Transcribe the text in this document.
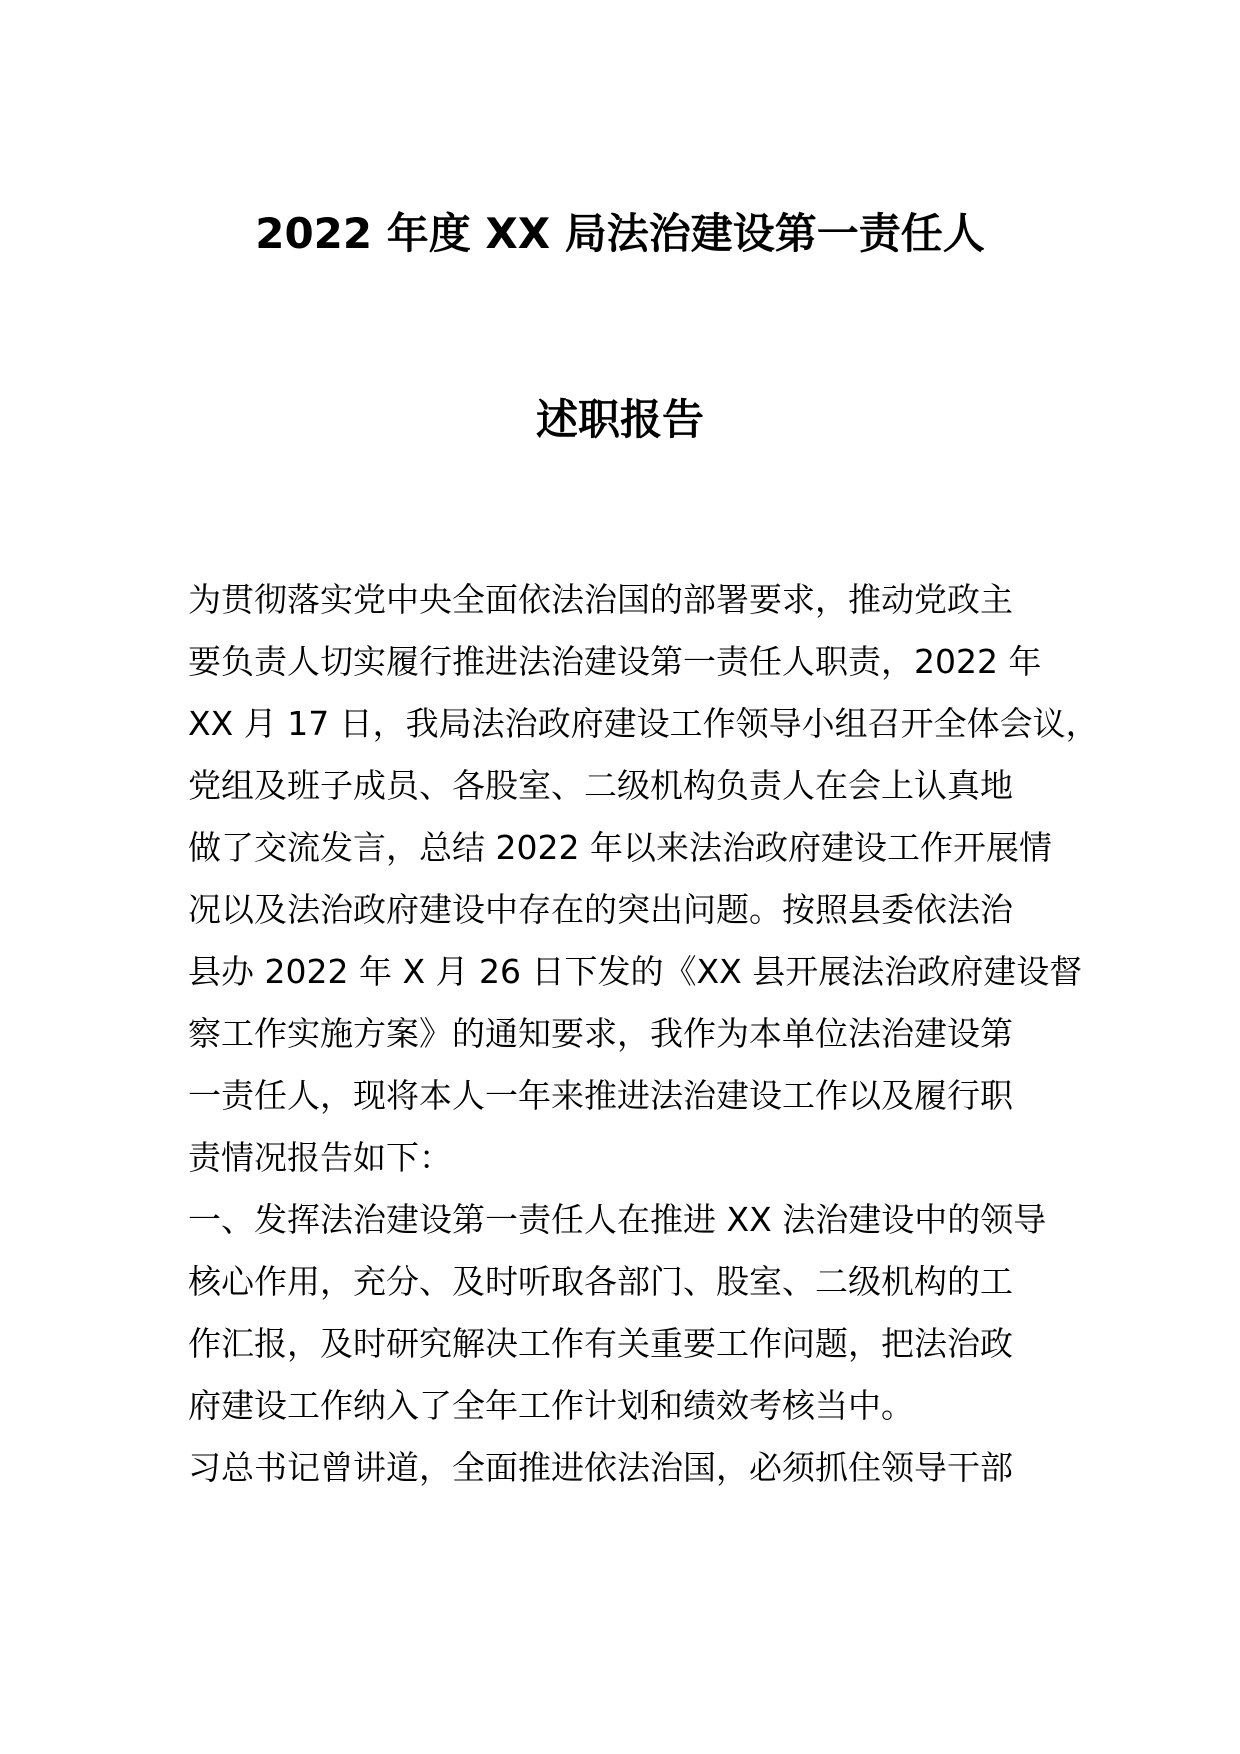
2022 年度 XX 局法治建设第一责任人
述职报告
为贯彻落实党中央全面依法治国的部署要求，推动党政主
要负责人切实履行推进法治建设第一责任人职责，2022 年
XX 月 17 日，我局法治政府建设工作领导小组召开全体会议，
党组及班子成员、各股室、二级机构负责人在会上认真地
做了交流发言，总结 2022 年以来法治政府建设工作开展情
况以及法治政府建设中存在的突出问题。按照县委依法治
县办 2022 年 X 月 26 日下发的《XX 县开展法治政府建设督
察工作实施方案》的通知要求，我作为本单位法治建设第
一责任人，现将本人一年来推进法治建设工作以及履行职
责情况报告如下：
一、发挥法治建设第一责任人在推进 XX 法治建设中的领导
核心作用，充分、及时听取各部门、股室、二级机构的工
作汇报，及时研究解决工作有关重要工作问题，把法治政
府建设工作纳入了全年工作计划和绩效考核当中。
习总书记曾讲道，全面推进依法治国，必须抓住领导干部
